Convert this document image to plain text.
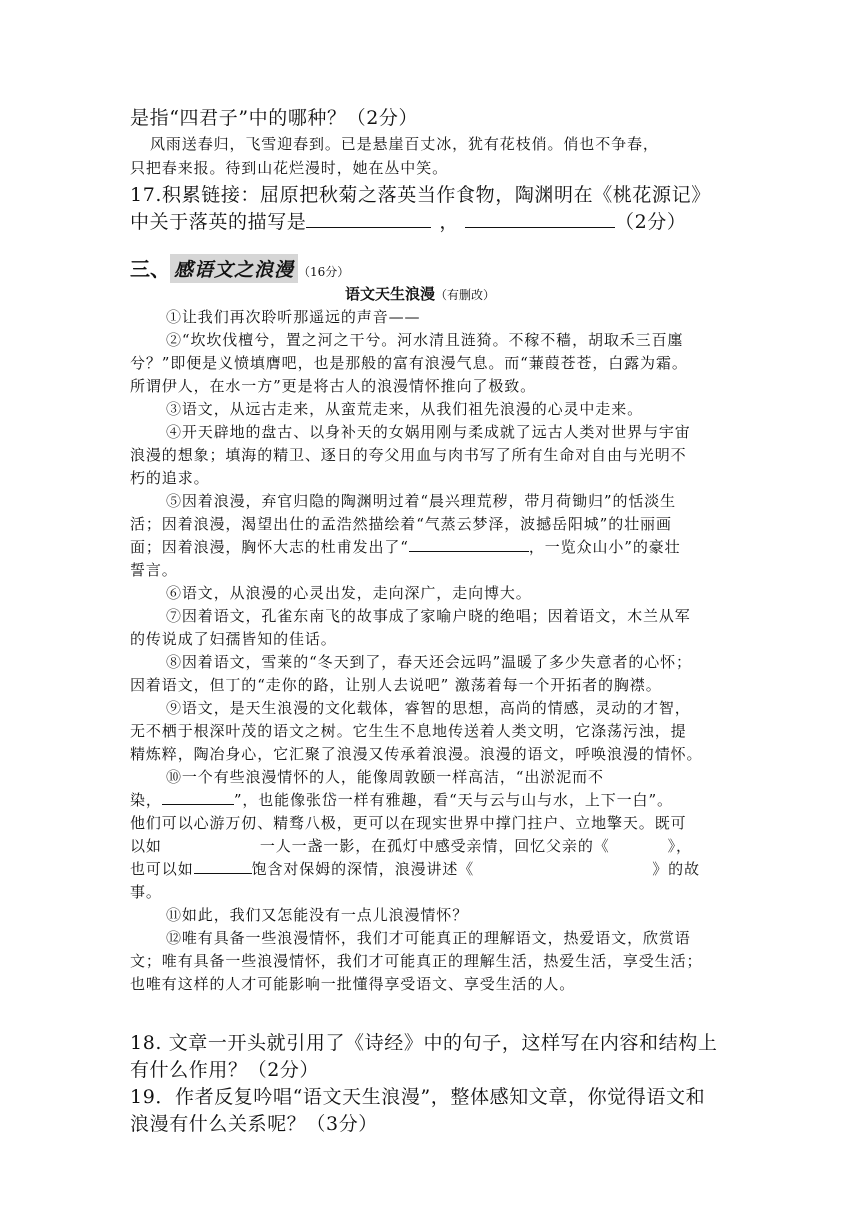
是指“四君子”中的哪种？（2分）
风雨送春归，飞雪迎春到。已是悬崖百丈冰，犹有花枝俏。俏也不争春，
只把春来报。待到山花烂漫时，她在丛中笑。
17.积累链接：屈原把秋菊之落英当作食物，陶渊明在《桃花源记》
中关于落英的描写是	，	（2分）
三、 感语文之浪漫 （16分）
语文天生浪漫（有删改）
①让我们再次聆听那遥远的声音——
②“坎坎伐檀兮，置之河之干兮。河水清且涟猗。不稼不穑，胡取禾三百廛
兮？”即便是义愤填膺吧，也是那般的富有浪漫气息。而“蒹葭苍苍，白露为霜。
所谓伊人，在水一方”更是将古人的浪漫情怀推向了极致。
③语文，从远古走来，从蛮荒走来，从我们祖先浪漫的心灵中走来。
④开天辟地的盘古、以身补天的女娲用刚与柔成就了远古人类对世界与宇宙
浪漫的想象；填海的精卫、逐日的夸父用血与肉书写了所有生命对自由与光明不
朽的追求。
⑤因着浪漫，弃官归隐的陶渊明过着“晨兴理荒秽，带月荷锄归”的恬淡生
活；因着浪漫，渴望出仕的孟浩然描绘着“气蒸云梦泽，波撼岳阳城”的壮丽画
面；因着浪漫，胸怀大志的杜甫发出了“	，一览众山小”的豪壮
誓言。
⑥语文，从浪漫的心灵出发，走向深广，走向博大。
⑦因着语文，孔雀东南飞的故事成了家喻户晓的绝唱；因着语文，木兰从军
的传说成了妇孺皆知的佳话。
⑧因着语文，雪莱的“冬天到了，春天还会远吗”温暖了多少失意者的心怀；
因着语文，但丁的“走你的路，让别人去说吧” 激荡着每一个开拓者的胸襟。
⑨语文，是天生浪漫的文化载体，睿智的思想，高尚的情感，灵动的才智，
无不栖于根深叶茂的语文之树。它生生不息地传送着人类文明，它涤荡污浊，提
精炼粹，陶冶身心，它汇聚了浪漫又传承着浪漫。浪漫的语文，呼唤浪漫的情怀。
⑩一个有些浪漫情怀的人，能像周敦颐一样高洁，“出淤泥而不
染，	”，也能像张岱一样有雅趣，看“天与云与山与水，上下一白”。
他们可以心游万仞、精骛八极，更可以在现实世界中撑门拄户、立地擎天。既可
以如	一人一盏一影，在孤灯中感受亲情，回忆父亲的《	》，
也可以如	饱含对保姆的深情，浪漫讲述《	》的故
事。
⑪如此，我们又怎能没有一点儿浪漫情怀？
⑫唯有具备一些浪漫情怀，我们才可能真正的理解语文，热爱语文，欣赏语
文；唯有具备一些浪漫情怀，我们才可能真正的理解生活，热爱生活，享受生活；
也唯有这样的人才可能影响一批懂得享受语文、享受生活的人。
18. 文章一开头就引用了《诗经》中的句子，这样写在内容和结构上
有什么作用？（2分）
19．作者反复吟唱“语文天生浪漫”，整体感知文章，你觉得语文和
浪漫有什么关系呢？（3分）
